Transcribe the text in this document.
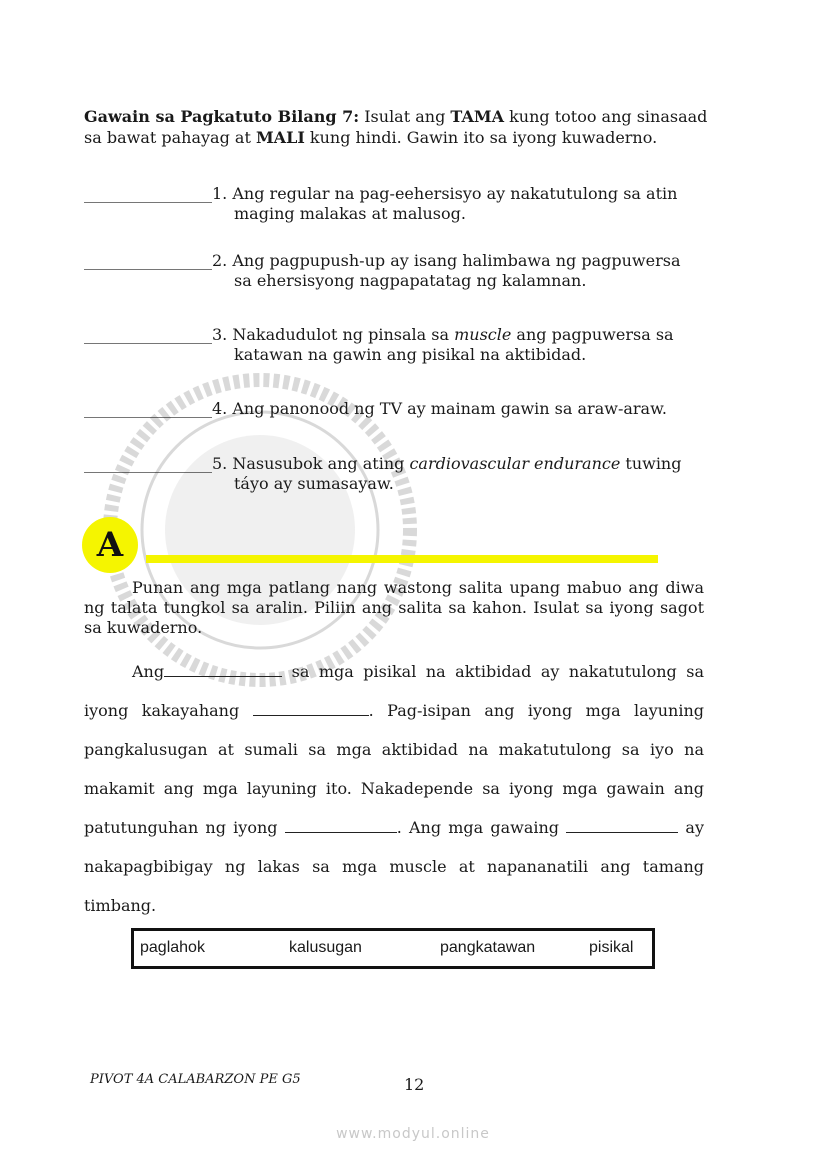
Gawain sa Pagkatuto Bilang 7: Isulat ang TAMA kung totoo ang sinasaad sa bawat pahayag at MALI kung hindi. Gawin ito sa iyong kuwaderno.
________________1. Ang regular na pag-eehersisyo ay nakatutulong sa atin
maging malakas at malusog.
________________2. Ang pagpupush-up ay isang halimbawa ng pagpuwersa
sa ehersisyong nagpapatatag ng kalamnan.
________________3. Nakadudulot ng pinsala sa muscle ang pagpuwersa sa
katawan na gawin ang pisikal na aktibidad.
________________4. Ang panonood ng TV ay mainam gawin sa araw-araw.
________________5. Nasusubok ang ating cardiovascular endurance tuwing
táyo ay sumasayaw.
A
Punan ang mga patlang nang wastong salita upang mabuo ang diwa ng talata tungkol sa aralin. Piliin ang salita sa kahon. Isulat sa iyong sagot sa kuwaderno.
Ang	sa mga pisikal na aktibidad ay nakatutulong sa iyong kakayahang	. Pag-isipan ang iyong mga layuning pangkalusugan at sumali sa mga aktibidad na makatutulong sa iyo na makamit ang mga layuning ito. Nakadepende sa iyong mga gawain ang patutunguhan ng iyong	. Ang mga gawaing	ay nakapagbibigay ng lakas sa mga muscle at napananatili ang tamang timbang.
paglahok	kalusugan	pangkatawan	pisikal
PIVOT 4A CALABARZON PE G5	12
www.modyul.online
